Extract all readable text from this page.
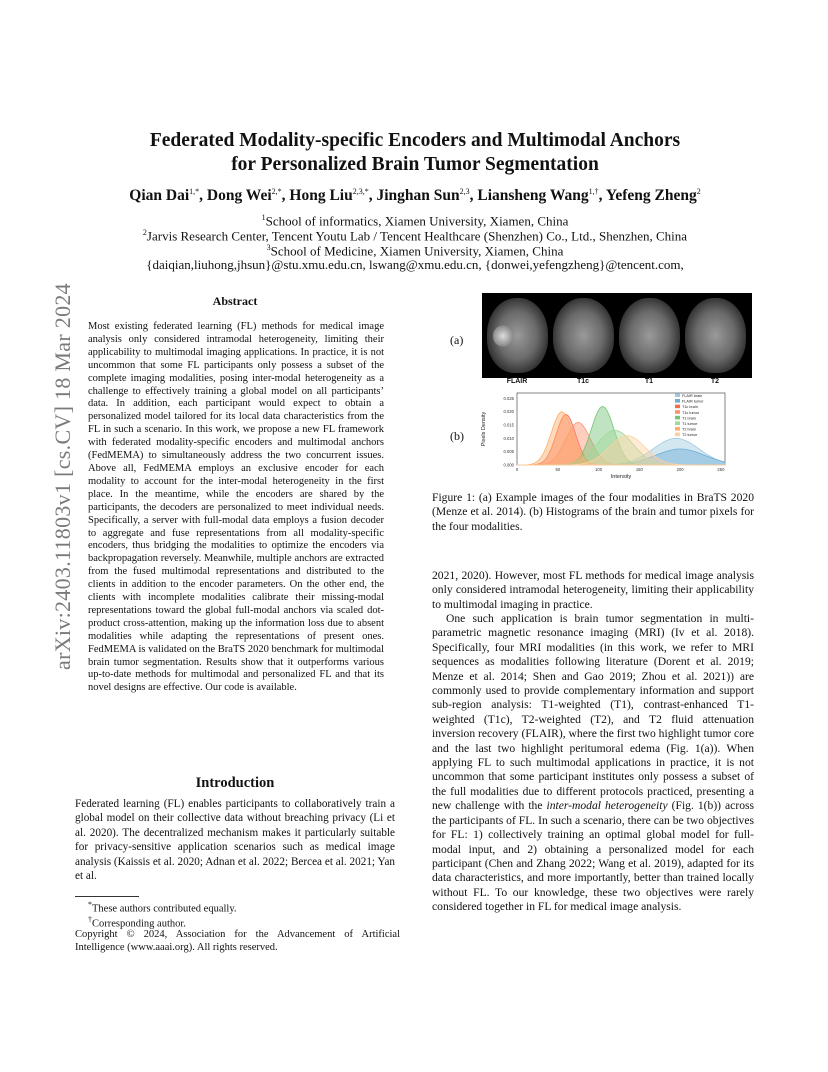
arXiv:2403.11803v1 [cs.CV] 18 Mar 2024
Federated Modality-specific Encoders and Multimodal Anchors
for Personalized Brain Tumor Segmentation
Qian Dai$^{1,*}$, Dong Wei$^{2,*}$, Hong Liu$^{2,3,*}$, Jinghan Sun$^{2,3}$, Liansheng Wang$^{1,\dagger}$, Yefeng Zheng$^2$
$^1$School of informatics, Xiamen University, Xiamen, China
$^2$Jarvis Research Center, Tencent Youtu Lab / Tencent Healthcare (Shenzhen) Co., Ltd., Shenzhen, China
$^3$School of Medicine, Xiamen University, Xiamen, China
{daiqian,liuhong,jhsun}@stu.xmu.edu.cn, lswang@xmu.edu.cn, {donwei,yefengzheng}@tencent.com,
Abstract
Most existing federated learning (FL) methods for medical image analysis only considered intramodal heterogeneity, limiting their applicability to multimodal imaging applications. In practice, it is not uncommon that some FL participants only possess a subset of the complete imaging modalities, posing inter-modal heterogeneity as a challenge to effectively training a global model on all participants’ data. In addition, each participant would expect to obtain a personalized model tailored for its local data characteristics from the FL in such a scenario. In this work, we propose a new FL framework with federated modality-specific encoders and multimodal anchors (FedMEMA) to simultaneously address the two concurrent issues. Above all, FedMEMA employs an exclusive encoder for each modality to account for the inter-modal heterogeneity in the first place. In the meantime, while the encoders are shared by the participants, the decoders are personalized to meet individual needs. Specifically, a server with full-modal data employs a fusion decoder to aggregate and fuse representations from all modality-specific encoders, thus bridging the modalities to optimize the encoders via backpropagation reversely. Meanwhile, multiple anchors are extracted from the fused multimodal representations and distributed to the clients in addition to the encoder parameters. On the other end, the clients with incomplete modalities calibrate their missing-modal representations toward the global full-modal anchors via scaled dot-product cross-attention, making up the information loss due to absent modalities while adapting the representations of present ones. FedMEMA is validated on the BraTS 2020 benchmark for multimodal brain tumor segmentation. Results show that it outperforms various up-to-date methods for multimodal and personalized FL and that its novel designs are effective. Our code is available.
Introduction
Federated learning (FL) enables participants to collaboratively train a global model on their collective data without breaching privacy (Li et al. 2020). The decentralized mechanism makes it particularly suitable for privacy-sensitive application scenarios such as medical image analysis (Kaissis et al. 2020; Adnan et al. 2022; Bercea et al. 2021; Yan et al.
*These authors contributed equally.
†Corresponding author.
Copyright © 2024, Association for the Advancement of Artificial Intelligence (www.aaai.org). All rights reserved.
(a)
FLAIR	T1c	T1	T2
(b)
FLAIR brain
FLAIR tumor
T1c brain
T1c tumor
T1 brain
T1 tumor
T2 brain
T2 tumor
0	50	100	150	200	250
0.000
0.005
0.010
0.015
0.020
0.025
Intensity
Pixels Density
Figure 1: (a) Example images of the four modalities in BraTS 2020 (Menze et al. 2014). (b) Histograms of the brain and tumor pixels for the four modalities.
2021, 2020). However, most FL methods for medical image analysis only considered intramodal heterogeneity, limiting their applicability to multimodal imaging in practice.
One such application is brain tumor segmentation in multi-parametric magnetic resonance imaging (MRI) (Iv et al. 2018). Specifically, four MRI modalities (in this work, we refer to MRI sequences as modalities following literature (Dorent et al. 2019; Menze et al. 2014; Shen and Gao 2019; Zhou et al. 2021)) are commonly used to provide complementary information and support sub-region analysis: T1-weighted (T1), contrast-enhanced T1-weighted (T1c), T2-weighted (T2), and T2 fluid attenuation inversion recovery (FLAIR), where the first two highlight tumor core and the last two highlight peritumoral edema (Fig. 1(a)). When applying FL to such multimodal applications in practice, it is not uncommon that some participant institutes only possess a subset of the full modalities due to different protocols practiced, presenting a new challenge with the inter-modal heterogeneity (Fig. 1(b)) across the participants of FL. In such a scenario, there can be two objectives for FL: 1) collectively training an optimal global model for full-modal input, and 2) obtaining a personalized model for each participant (Chen and Zhang 2022; Wang et al. 2019), adapted for its data characteristics, and more importantly, better than trained locally without FL. To our knowledge, these two objectives were rarely considered together in FL for medical image analysis.
